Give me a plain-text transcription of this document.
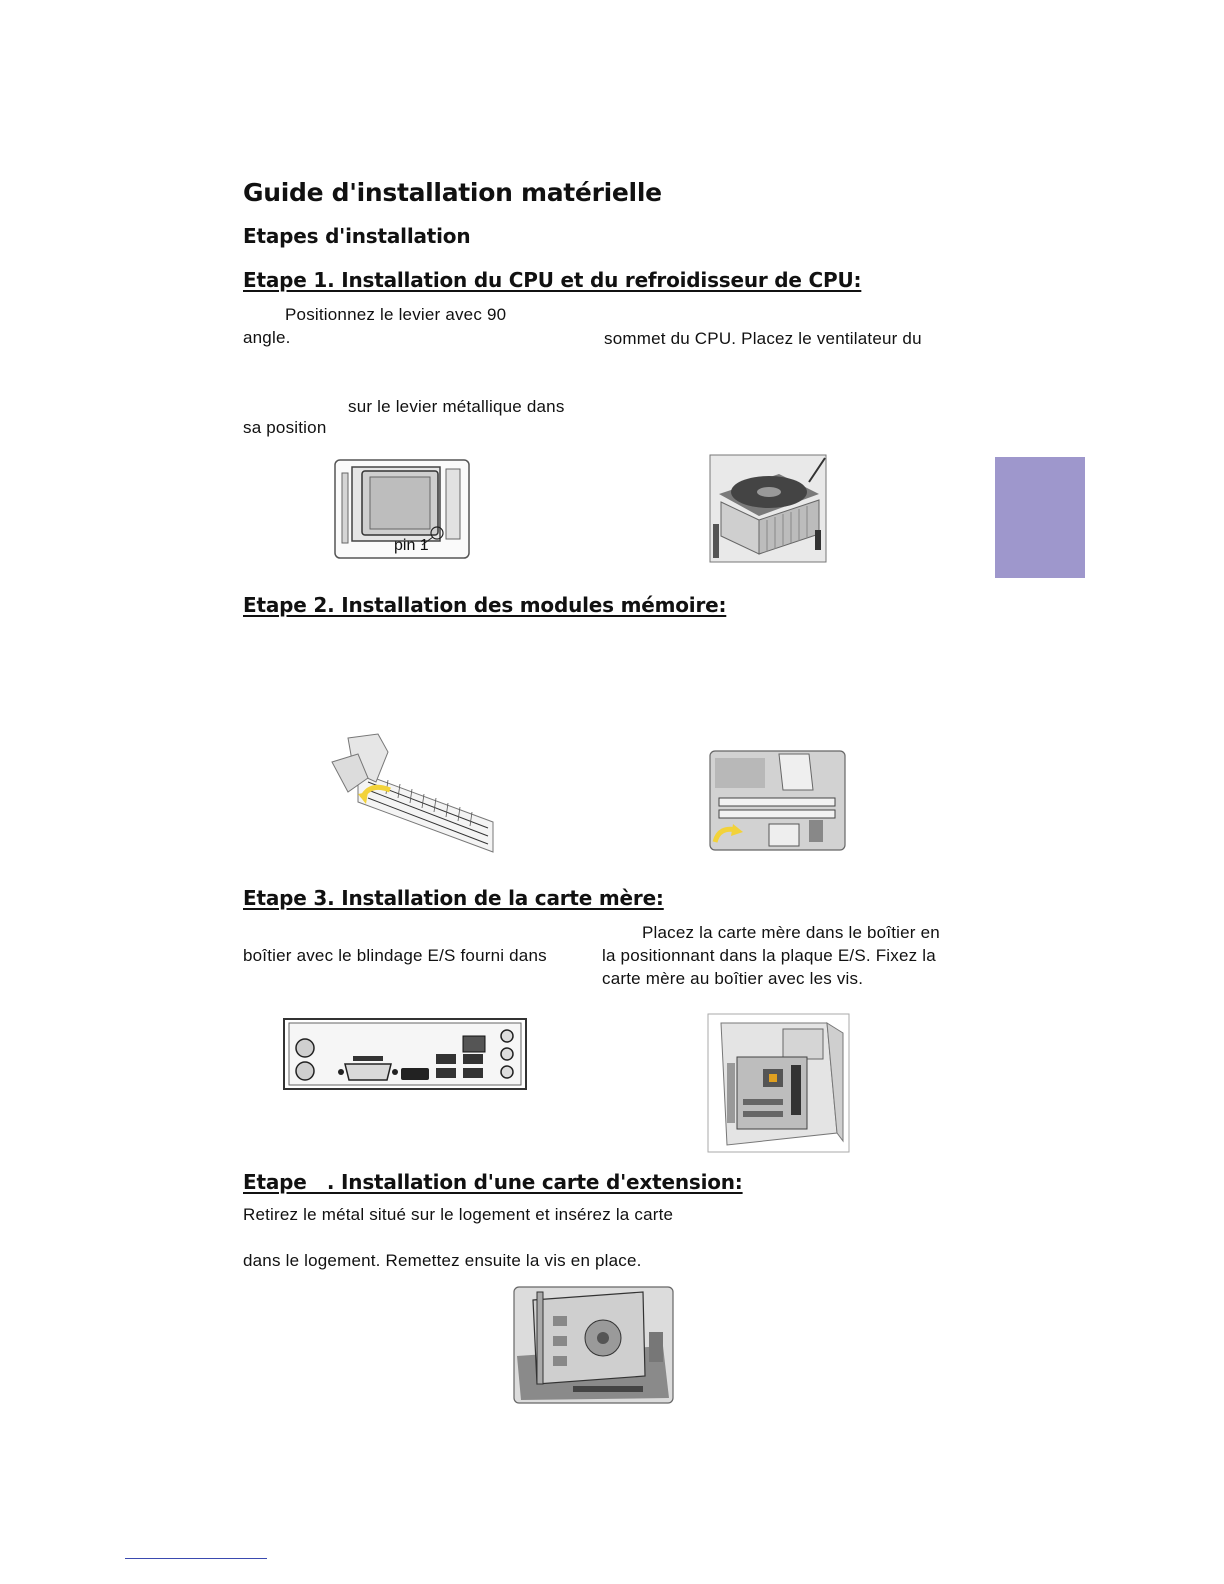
Guide d'installation matérielle
Etapes d'installation
Etape 1. Installation du CPU et du refroidisseur de CPU:
Positionnez le levier avec 90
angle.	sommet du CPU. Placez le ventilateur du
sur le levier métallique dans
sa position
pin 1
Etape 2. Installation des modules mémoire:
Etape 3. Installation de la carte mère:
Placez la carte mère dans le boîtier en
boîtier avec le blindage E/S fourni dans	la positionnant dans la plaque E/S. Fixez la
carte mère au boîtier avec les vis.
Etape   . Installation d'une carte d'extension:
Retirez le métal situé sur le logement et insérez la carte
dans le logement. Remettez ensuite la vis en place.
